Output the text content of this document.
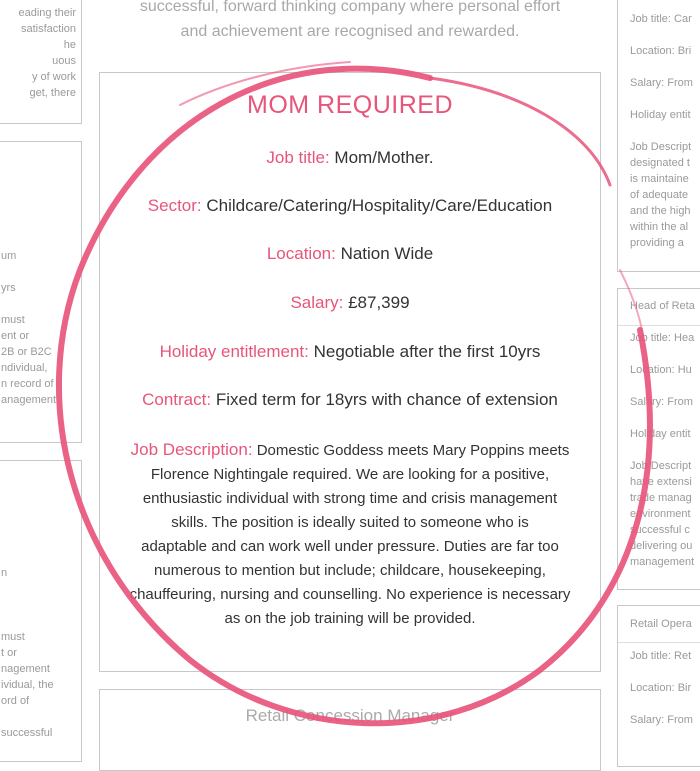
successful, forward thinking company where personal effort
and achievement are recognised and rewarded.
eading their
satisfaction
he
uous
y of work
get, there
um
yrs
must
ent or
2B or B2C
ndividual,
n record of
anagement
n
must
t or
nagement
ividual, the
ord of
successful
Job title: Car
Location: Bri
Salary: From
Holiday entit
Job Descript
designated t
is maintaine
of adequate
and the high
within the al
providing a
Head of Reta
Job title: Hea
Location: Hu
Salary: From
Holiday entit
Job Descript
have extensi
trade manag
environment
successful c
delivering ou
management
Retail Opera
Job title: Ret
Location: Bir
Salary: From
MOM REQUIRED
Job title: Mom/Mother.
Sector: Childcare/Catering/Hospitality/Care/Education
Location: Nation Wide
Salary: £87,399
Holiday entitlement: Negotiable after the first 10yrs
Contract: Fixed term for 18yrs with chance of extension
Job Description: Domestic Goddess meets Mary Poppins meets
Florence Nightingale required. We are looking for a positive,
enthusiastic individual with strong time and crisis management
skills. The position is ideally suited to someone who is
adaptable and can work well under pressure. Duties are far too
numerous to mention but include; childcare, housekeeping,
chauffeuring, nursing and counselling. No experience is necessary
as on the job training will be provided.
Retail Concession Manager
